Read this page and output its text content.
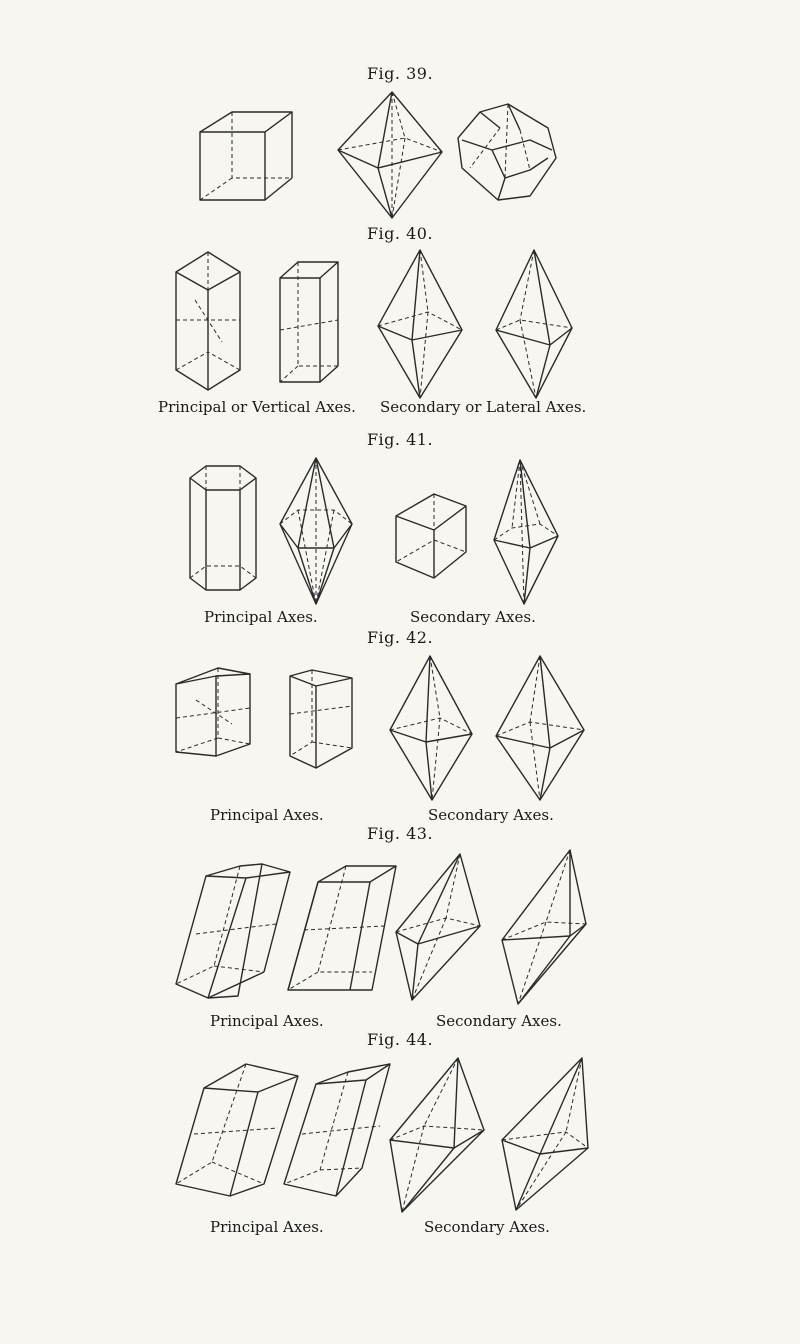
Fig. 39.
Fig. 40.
Fig. 41.
Fig. 42.
Fig. 43.
Fig. 44.
Principal or Vertical Axes. Secondary or Lateral Axes.
Principal Axes.	Secondary Axes.
Principal Axes.	Secondary Axes.
Principal Axes.	Secondary Axes.
Principal Axes.	Secondary Axes.
